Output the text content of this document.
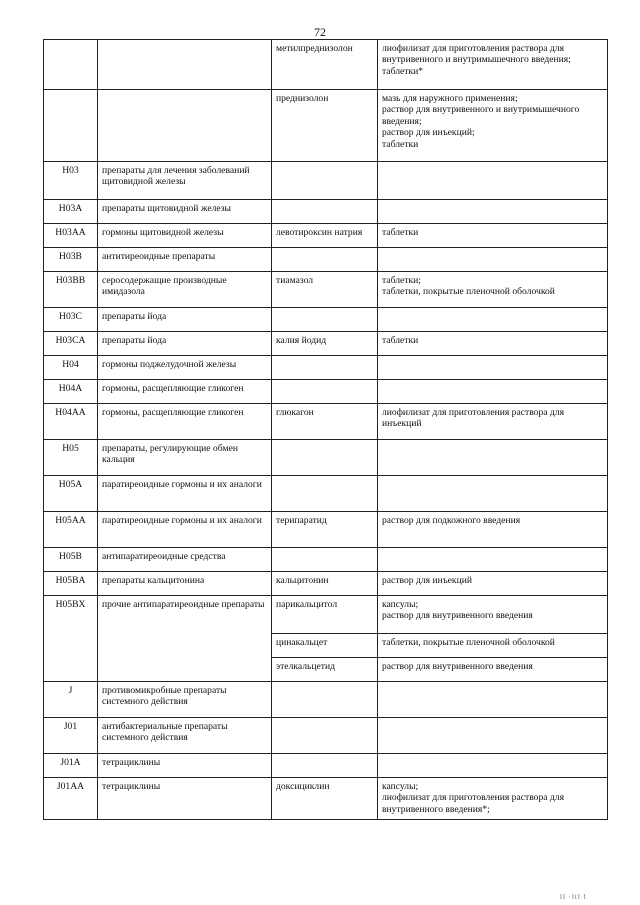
72
		метилпреднизолон	лиофилизат для приготовления раствора для
внутривенного и внутримышечного введения;
таблетки*
		преднизолон	мазь для наружного применения;
раствор для внутривенного и внутримышечного
введения;
раствор для инъекций;
таблетки
H03	препараты для лечения заболеваний
щитовидной железы		
H03A	препараты щитовидной железы		
H03AA	гормоны щитовидной железы	левотироксин натрия	таблетки
H03B	антитиреоидные препараты		
H03BB	серосодержащие производные имидазола	тиамазол	таблетки;
таблетки, покрытые пленочной оболочкой
H03C	препараты йода		
H03CA	препараты йода	калия йодид	таблетки
H04	гормоны поджелудочной железы		
H04A	гормоны, расщепляющие гликоген		
H04AA	гормоны, расщепляющие гликоген	глюкагон	лиофилизат для приготовления раствора для
инъекций
H05	препараты, регулирующие обмен
кальция		
H05A	паратиреоидные гормоны и их аналоги		
H05AA	паратиреоидные гормоны и их аналоги	терипаратид	раствор для подкожного введения
H05B	антипаратиреоидные средства		
H05BA	препараты кальцитонина	кальцитонин	раствор для инъекций
H05BX	прочие антипаратиреоидные препараты	парикальцитол	капсулы;
раствор для внутривенного введения
		цинакальцет	таблетки, покрытые пленочной оболочкой
		этелкальцетид	раствор для внутривенного введения
J	противомикробные препараты системного действия		
J01	антибактериальные препараты системного действия		
J01A	тетрациклины		
J01AA	тетрациклины	доксициклин	капсулы;
лиофилизат для приготовления раствора для
внутривенного введения*;
ll ·ltl l
